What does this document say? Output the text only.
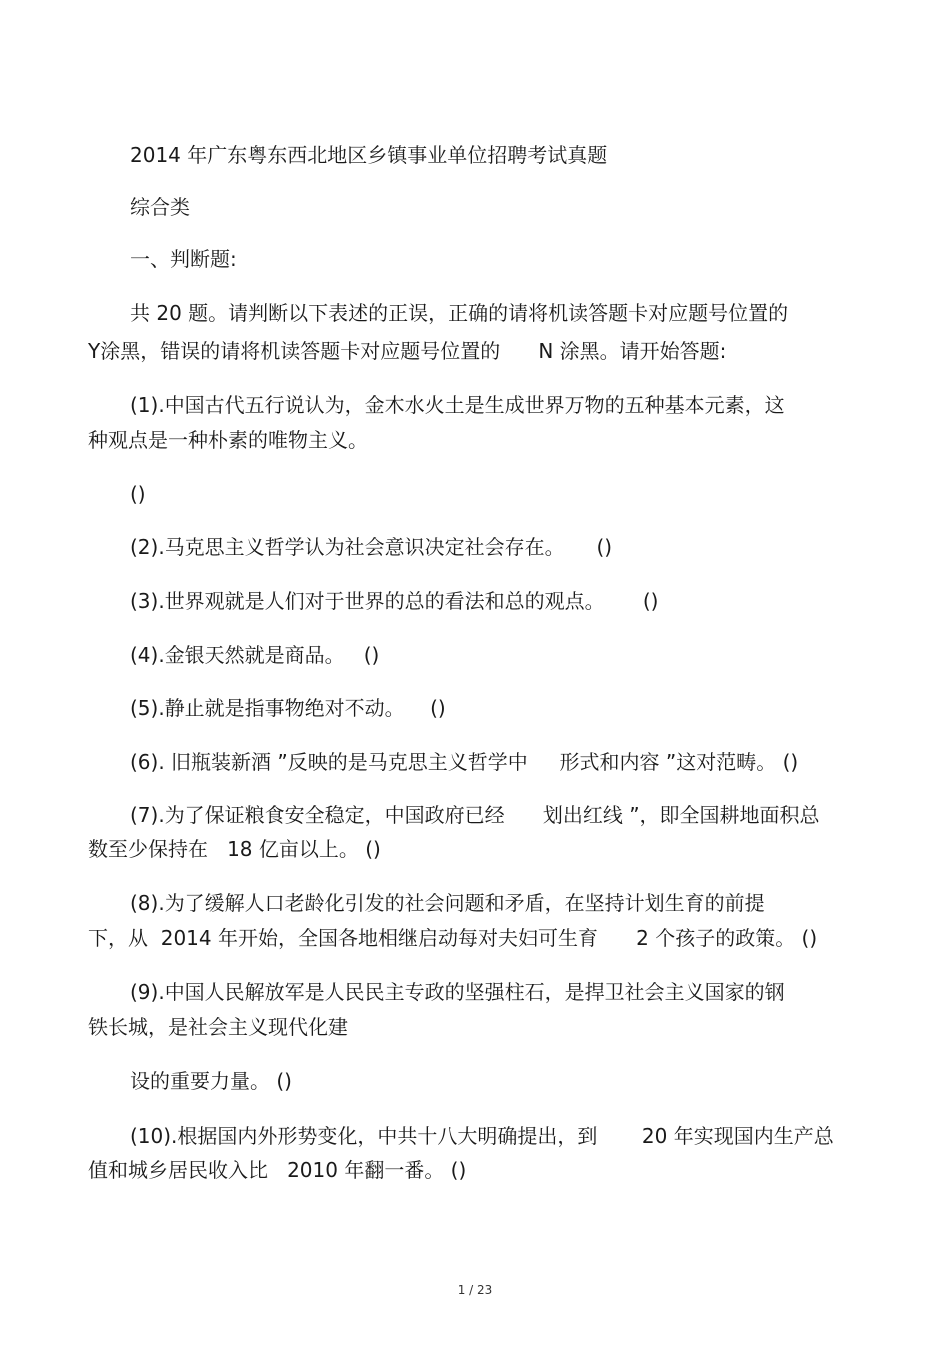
2014 年广东粤东西北地区乡镇事业单位招聘考试真题
综合类
一、判断题:
共 20 题。请判断以下表述的正误，正确的请将机读答题卡对应题号位置的
Y涂黑，错误的请将机读答题卡对应题号位置的      N 涂黑。请开始答题:
(1).中国古代五行说认为，金木水火土是生成世界万物的五种基本元素，这
种观点是一种朴素的唯物主义。
()
(2).马克思主义哲学认为社会意识决定社会存在。     ()
(3).世界观就是人们对于世界的总的看法和总的观点。      ()
(4).金银天然就是商品。   ()
(5).静止就是指事物绝对不动。    ()
(6). 旧瓶装新酒 ”反映的是马克思主义哲学中     形式和内容 ”这对范畴。 ()
(7).为了保证粮食安全稳定，中国政府已经      划出红线 ”，即全国耕地面积总
数至少保持在   18 亿亩以上。 ()
(8).为了缓解人口老龄化引发的社会问题和矛盾，在坚持计划生育的前提
下，从  2014 年开始，全国各地相继启动每对夫妇可生育      2 个孩子的政策。 ()
(9).中国人民解放军是人民民主专政的坚强柱石，是捍卫社会主义国家的钢
铁长城，是社会主义现代化建
设的重要力量。 ()
(10).根据国内外形势变化，中共十八大明确提出，到       20 年实现国内生产总
值和城乡居民收入比   2010 年翻一番。 ()
1 / 23
